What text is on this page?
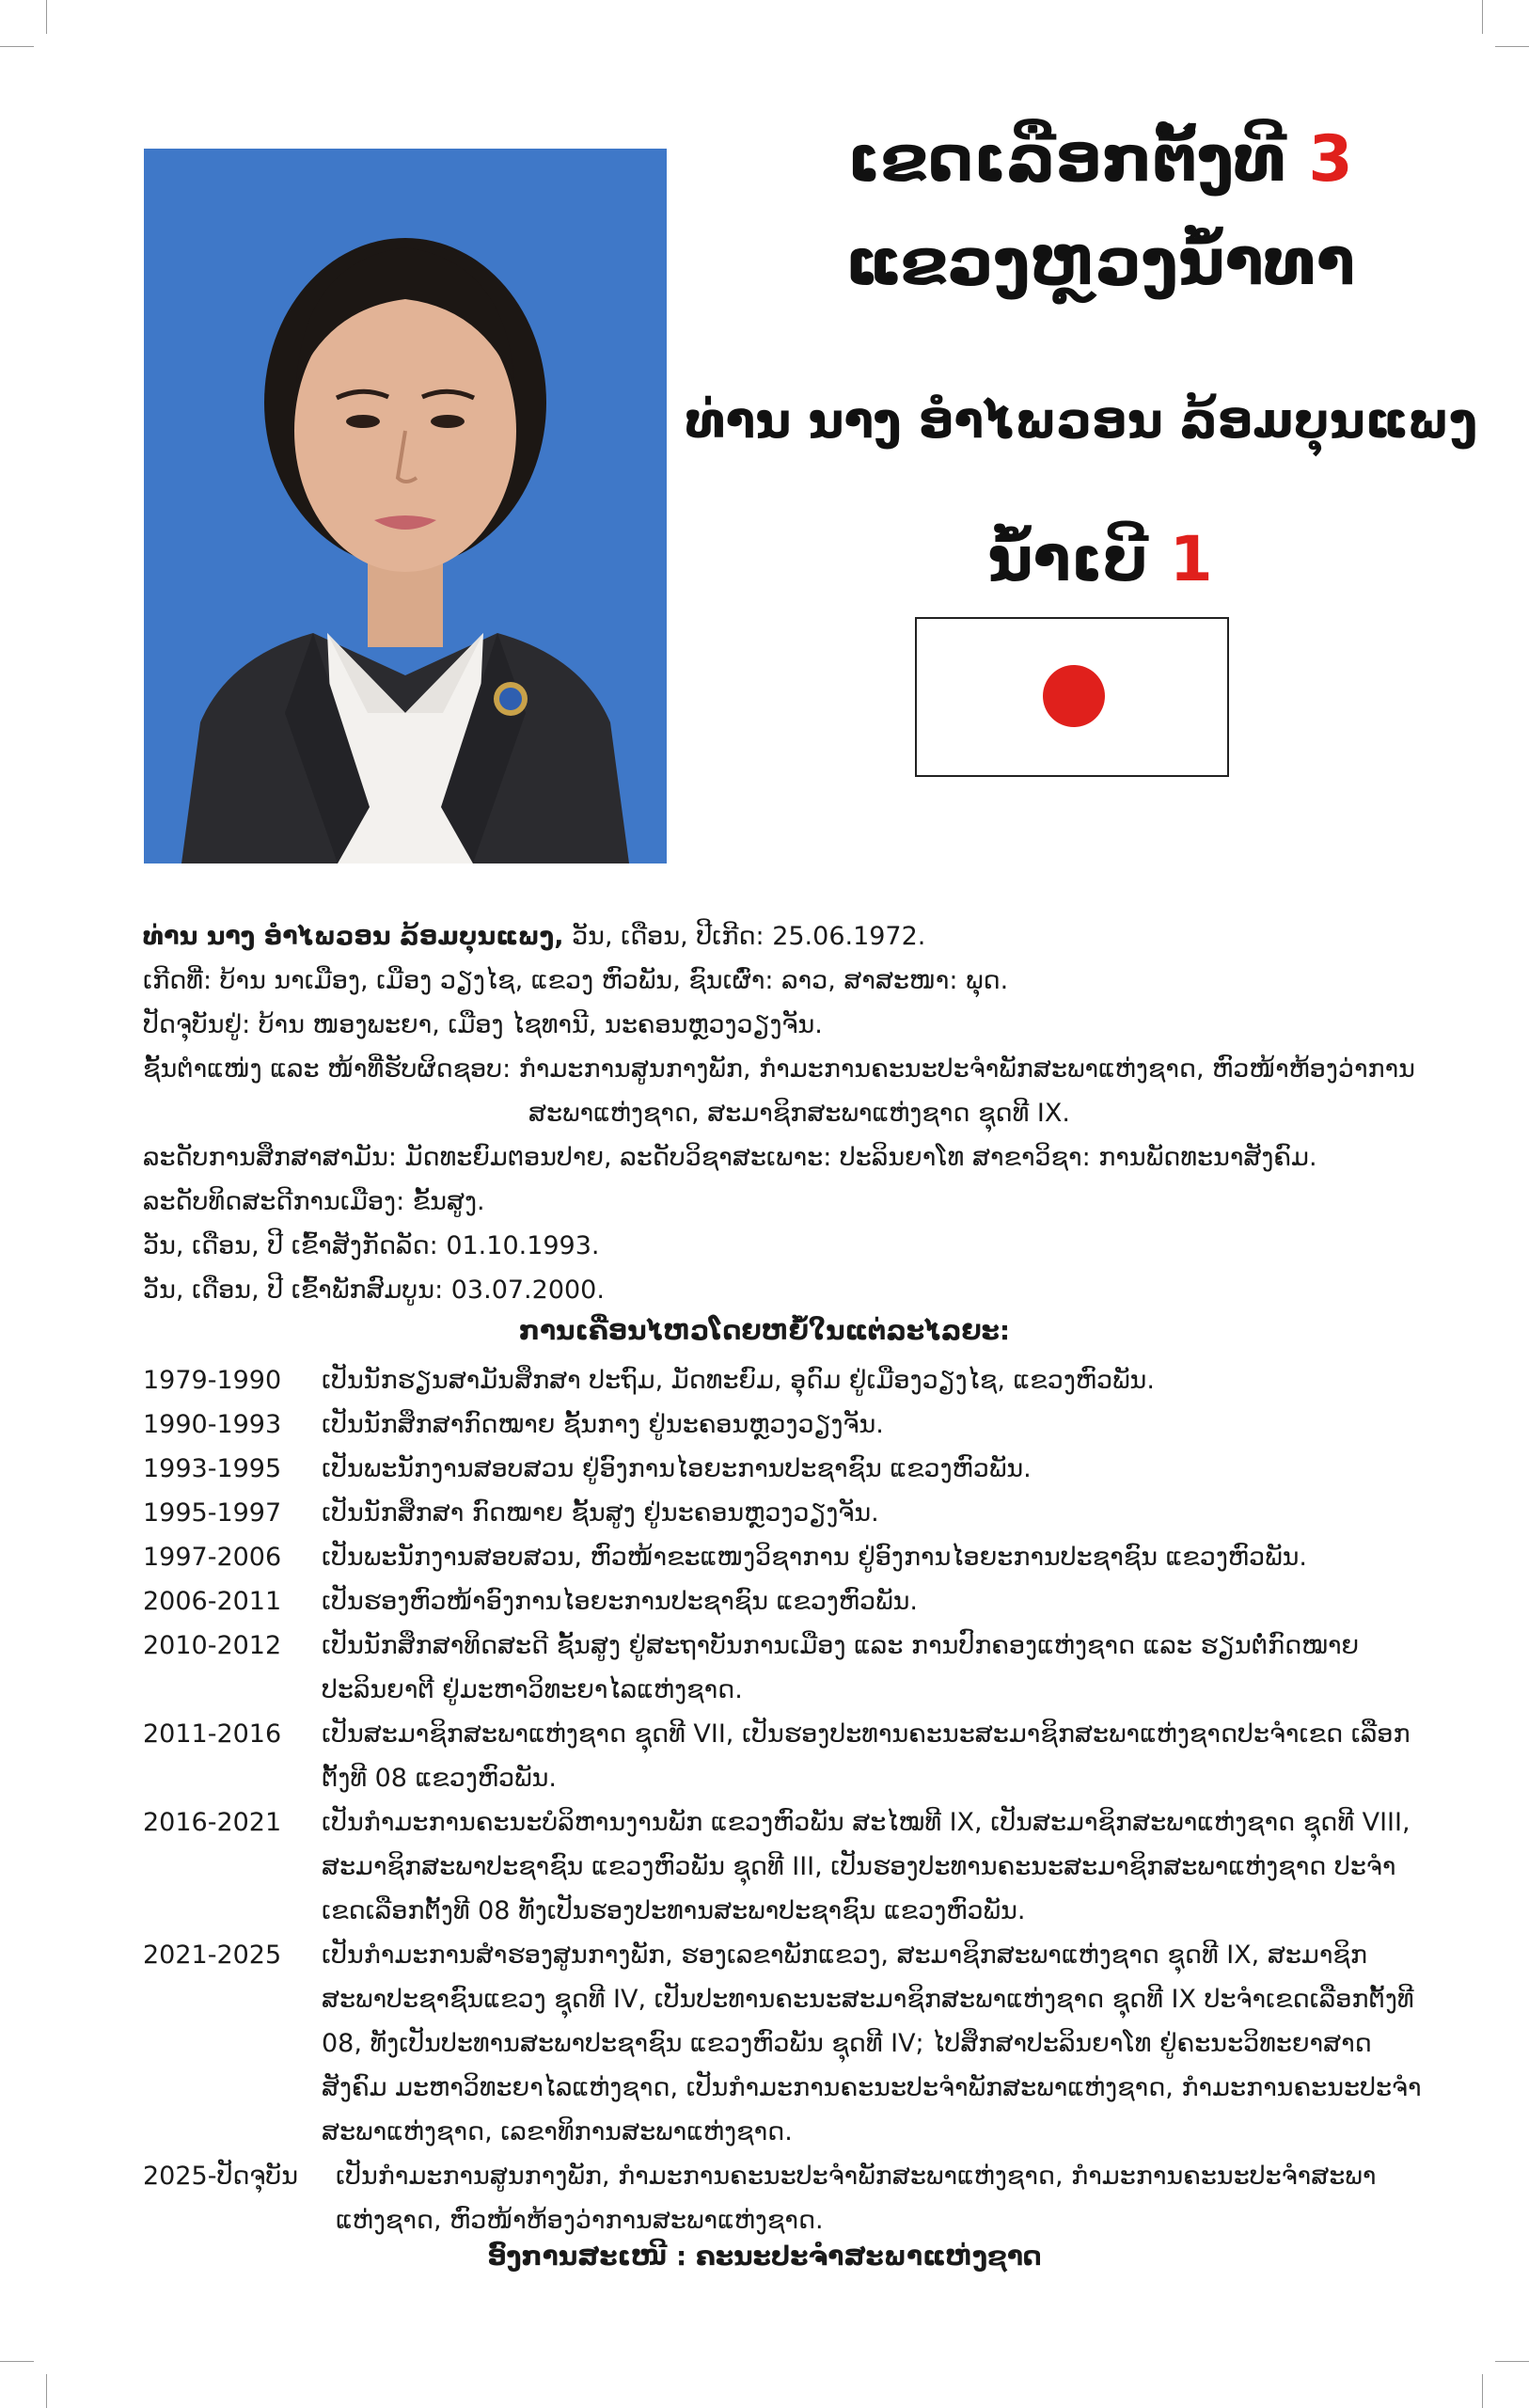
ເຂດເລືອກຕັ້ງທີ 3
ແຂວງຫຼວງນ້ຳທາ
ທ່ານ ນາງ ອຳໄພວອນ ລ້ອມບຸນແພງ
ນ້ຳເບີ 1
ທ່ານ ນາງ ອຳໄພວອນ ລ້ອມບຸນແພງ, ວັນ, ເດືອນ, ປີເກີດ: 25.06.1972.
ເກີດທີ່: ບ້ານ ນາເມືອງ, ເມືອງ ວຽງໄຊ, ແຂວງ ຫົວພັນ, ຊົນເຜົ່າ: ລາວ, ສາສະໜາ: ພຸດ.
ປັດຈຸບັນຢູ່: ບ້ານ ໜອງພະຍາ, ເມືອງ ໄຊທານີ, ນະຄອນຫຼວງວຽງຈັນ.
ຊັ້ນຕຳແໜ່ງ ແລະ ໜ້າທີ່ຮັບຜິດຊອບ: ກຳມະການສູນກາງພັກ, ກຳມະການຄະນະປະຈຳພັກສະພາແຫ່ງຊາດ, ຫົວໜ້າຫ້ອງວ່າການ
ສະພາແຫ່ງຊາດ, ສະມາຊິກສະພາແຫ່ງຊາດ ຊຸດທີ IX.
ລະດັບການສຶກສາສາມັນ: ມັດທະຍົມຕອນປາຍ, ລະດັບວິຊາສະເພາະ: ປະລິນຍາໂທ ສາຂາວິຊາ: ການພັດທະນາສັງຄົມ.
ລະດັບທິດສະດີການເມືອງ: ຂັ້ນສູງ.
ວັນ, ເດືອນ, ປີ ເຂົ້າສັງກັດລັດ: 01.10.1993.
ວັນ, ເດືອນ, ປີ ເຂົ້າພັກສົມບູນ: 03.07.2000.
ການເຄື່ອນໄຫວໂດຍຫຍໍ້ໃນແຕ່ລະໄລຍະ:
1979-1990	ເປັນນັກຮຽນສາມັນສຶກສາ ປະຖົມ, ມັດທະຍົມ, ອຸດົມ ຢູ່ເມືອງວຽງໄຊ, ແຂວງຫົວພັນ.
1990-1993	ເປັນນັກສຶກສາກົດໝາຍ ຊັ້ນກາງ ຢູ່ນະຄອນຫຼວງວຽງຈັນ.
1993-1995	ເປັນພະນັກງານສອບສວນ ຢູ່ອົງການໄອຍະການປະຊາຊົນ ແຂວງຫົວພັນ.
1995-1997	ເປັນນັກສຶກສາ ກົດໝາຍ ຊັ້ນສູງ ຢູ່ນະຄອນຫຼວງວຽງຈັນ.
1997-2006	ເປັນພະນັກງານສອບສວນ, ຫົວໜ້າຂະແໜງວິຊາການ ຢູ່ອົງການໄອຍະການປະຊາຊົນ ແຂວງຫົວພັນ.
2006-2011	ເປັນຮອງຫົວໜ້າອົງການໄອຍະການປະຊາຊົນ ແຂວງຫົວພັນ.
2010-2012	ເປັນນັກສຶກສາທິດສະດີ ຊັ້ນສູງ ຢູ່ສະຖາບັນການເມືອງ ແລະ ການປົກຄອງແຫ່ງຊາດ ແລະ ຮຽນຕໍ່ກົດໝາຍ ປະລິນຍາຕີ ຢູ່ມະຫາວິທະຍາໄລແຫ່ງຊາດ.
2011-2016	ເປັນສະມາຊິກສະພາແຫ່ງຊາດ ຊຸດທີ VII, ເປັນຮອງປະທານຄະນະສະມາຊິກສະພາແຫ່ງຊາດປະຈຳເຂດ ເລືອກຕັ້ງທີ 08 ແຂວງຫົວພັນ.
2016-2021	ເປັນກຳມະການຄະນະບໍລິຫານງານພັກ ແຂວງຫົວພັນ ສະໄໝທີ IX, ເປັນສະມາຊິກສະພາແຫ່ງຊາດ ຊຸດທີ VIII, ສະມາຊິກສະພາປະຊາຊົນ ແຂວງຫົວພັນ ຊຸດທີ III, ເປັນຮອງປະທານຄະນະສະມາຊິກສະພາແຫ່ງຊາດ ປະຈຳເຂດເລືອກຕັ້ງທີ 08 ທັງເປັນຮອງປະທານສະພາປະຊາຊົນ ແຂວງຫົວພັນ.
2021-2025	ເປັນກຳມະການສຳຮອງສູນກາງພັກ, ຮອງເລຂາພັກແຂວງ, ສະມາຊິກສະພາແຫ່ງຊາດ ຊຸດທີ IX, ສະມາຊິກສະພາປະຊາຊົນແຂວງ ຊຸດທີ IV, ເປັນປະທານຄະນະສະມາຊິກສະພາແຫ່ງຊາດ ຊຸດທີ IX ປະຈຳເຂດເລືອກຕັ້ງທີ 08, ທັງເປັນປະທານສະພາປະຊາຊົນ ແຂວງຫົວພັນ ຊຸດທີ IV; ໄປສຶກສາປະລິນຍາໂທ ຢູ່ຄະນະວິທະຍາສາດສັງຄົມ ມະຫາວິທະຍາໄລແຫ່ງຊາດ, ເປັນກຳມະການຄະນະປະຈຳພັກສະພາແຫ່ງຊາດ, ກຳມະການຄະນະປະຈຳສະພາແຫ່ງຊາດ, ເລຂາທິການສະພາແຫ່ງຊາດ.
2025-ປັດຈຸບັນ	ເປັນກຳມະການສູນກາງພັກ, ກຳມະການຄະນະປະຈຳພັກສະພາແຫ່ງຊາດ, ກຳມະການຄະນະປະຈຳສະພາແຫ່ງຊາດ, ຫົວໜ້າຫ້ອງວ່າການສະພາແຫ່ງຊາດ.
ອົງການສະເໜີ : ຄະນະປະຈຳສະພາແຫ່ງຊາດ
